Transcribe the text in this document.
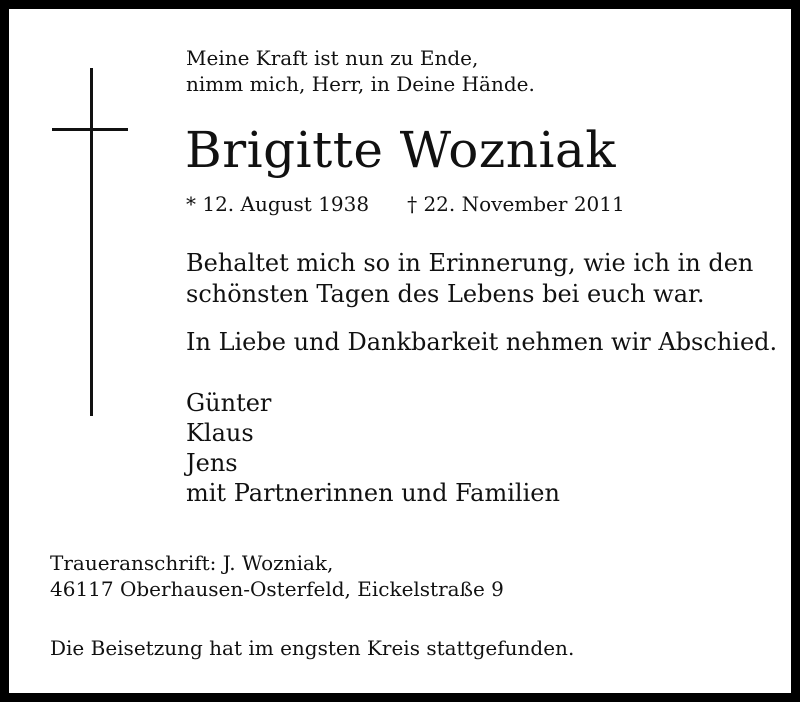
Meine Kraft ist nun zu Ende,
nimm mich, Herr, in Deine Hände.
Brigitte Wozniak
* 12. August 1938 † 22. November 2011
Behaltet mich so in Erinnerung, wie ich in den
schönsten Tagen des Lebens bei euch war.
In Liebe und Dankbarkeit nehmen wir Abschied.
Günter
Klaus
Jens
mit Partnerinnen und Familien
Traueranschrift: J. Wozniak,
46117 Oberhausen-Osterfeld, Eickelstraße 9
Die Beisetzung hat im engsten Kreis stattgefunden.
